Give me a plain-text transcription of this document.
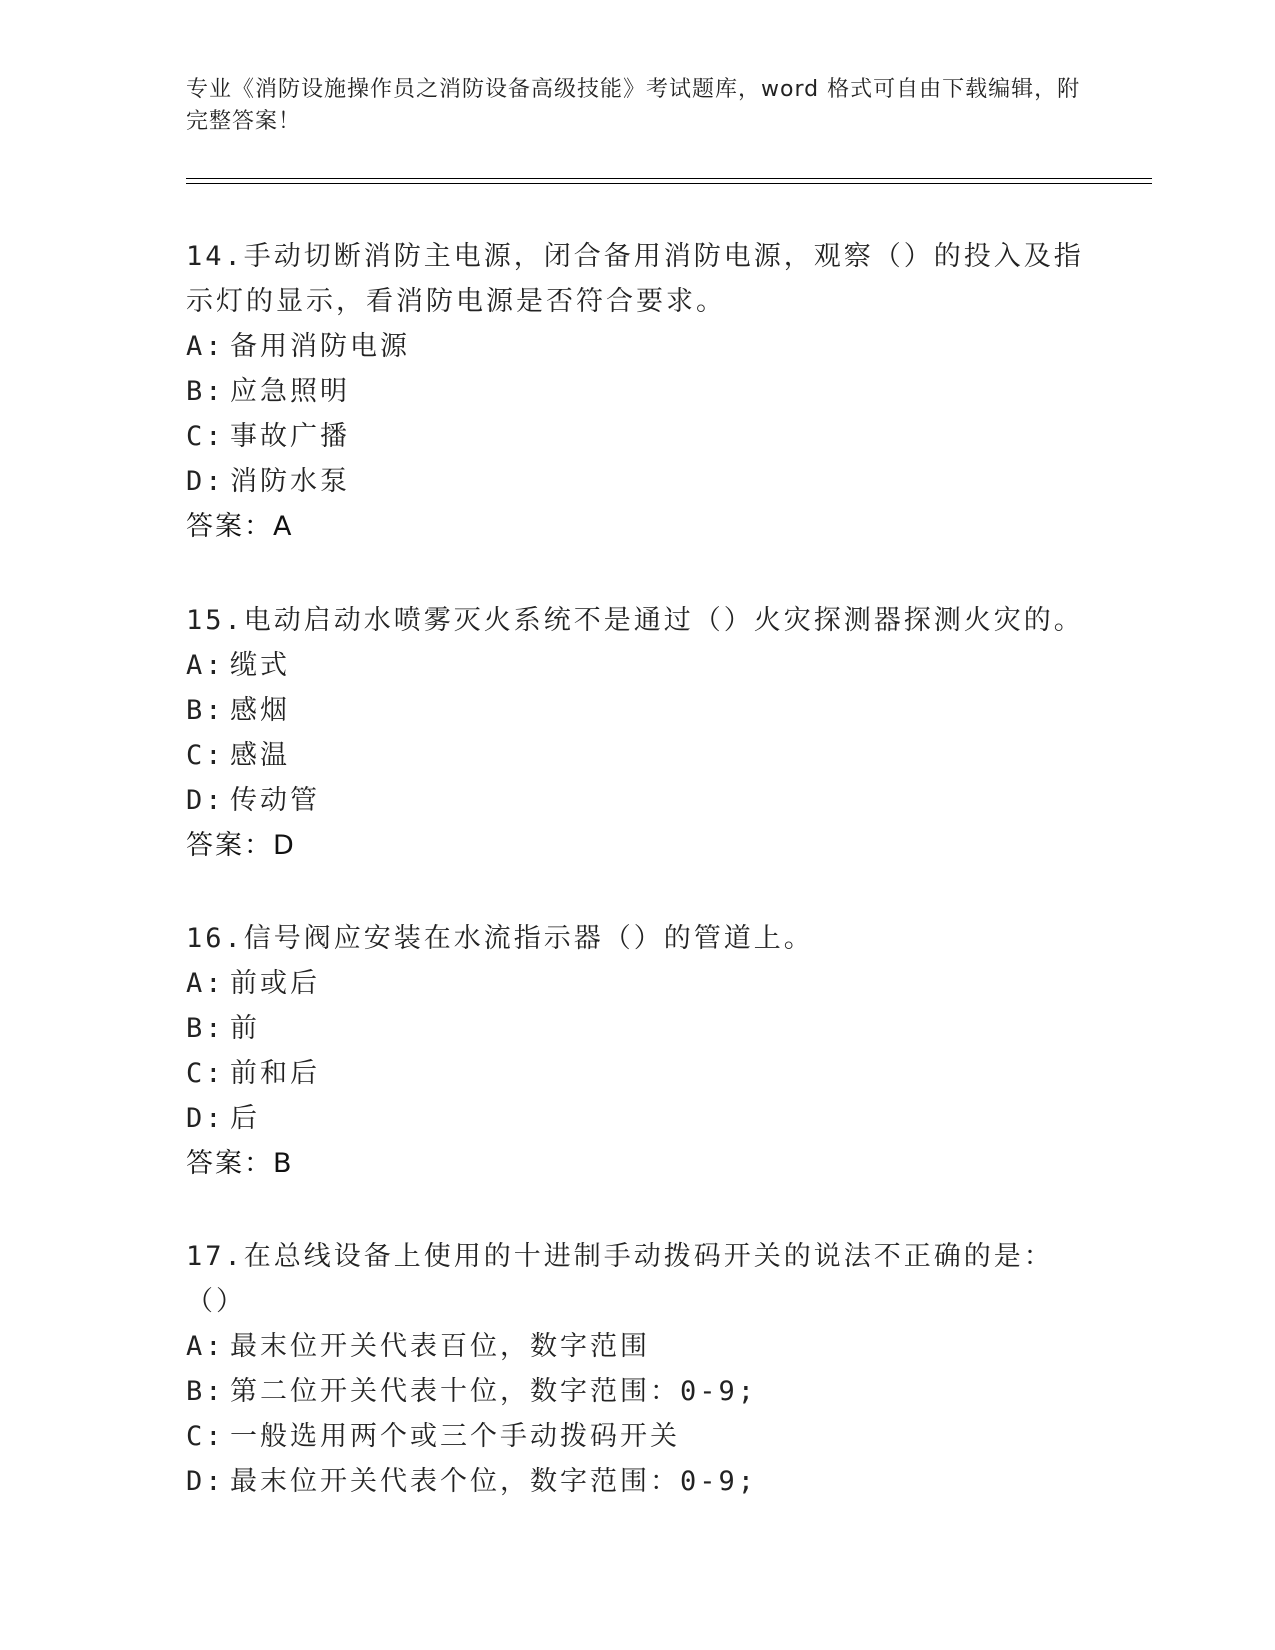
专业《消防设施操作员之消防设备高级技能》考试题库，word 格式可自由下载编辑，附完整答案！

14.手动切断消防主电源，闭合备用消防电源，观察（）的投入及指示灯的显示，看消防电源是否符合要求。

A: 备用消防电源

B: 应急照明

C: 事故广播

D: 消防水泵

答案：A

15.电动启动水喷雾灭火系统不是通过（）火灾探测器探测火灾的。

A: 缆式

B: 感烟

C: 感温

D: 传动管

答案：D

16.信号阀应安装在水流指示器（）的管道上。

A: 前或后

B: 前

C: 前和后

D: 后

答案：B

17.在总线设备上使用的十进制手动拨码开关的说法不正确的是：（）

A: 最末位开关代表百位，数字范围

B: 第二位开关代表十位，数字范围：0-9;

C: 一般选用两个或三个手动拨码开关

D: 最末位开关代表个位，数字范围：0-9;
